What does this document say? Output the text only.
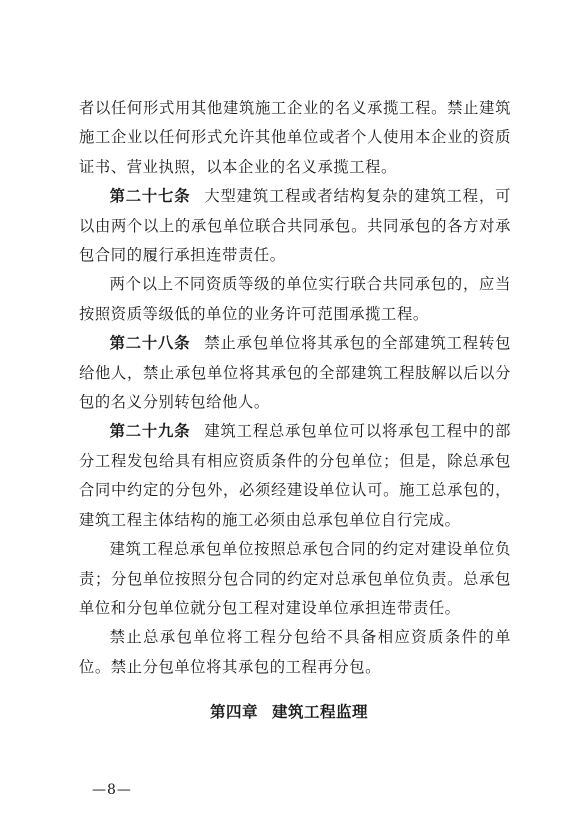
者以任何形式用其他建筑施工企业的名义承揽工程。禁止建筑施工企业以任何形式允许其他单位或者个人使用本企业的资质证书、营业执照，以本企业的名义承揽工程。

第二十七条 大型建筑工程或者结构复杂的建筑工程，可以由两个以上的承包单位联合共同承包。共同承包的各方对承包合同的履行承担连带责任。

两个以上不同资质等级的单位实行联合共同承包的，应当按照资质等级低的单位的业务许可范围承揽工程。

第二十八条 禁止承包单位将其承包的全部建筑工程转包给他人，禁止承包单位将其承包的全部建筑工程肢解以后以分包的名义分别转包给他人。

第二十九条 建筑工程总承包单位可以将承包工程中的部分工程发包给具有相应资质条件的分包单位；但是，除总承包合同中约定的分包外，必须经建设单位认可。施工总承包的，建筑工程主体结构的施工必须由总承包单位自行完成。

建筑工程总承包单位按照总承包合同的约定对建设单位负责；分包单位按照分包合同的约定对总承包单位负责。总承包单位和分包单位就分包工程对建设单位承担连带责任。

禁止总承包单位将工程分包给不具备相应资质条件的单位。禁止分包单位将其承包的工程再分包。

第四章 建筑工程监理
—8—
